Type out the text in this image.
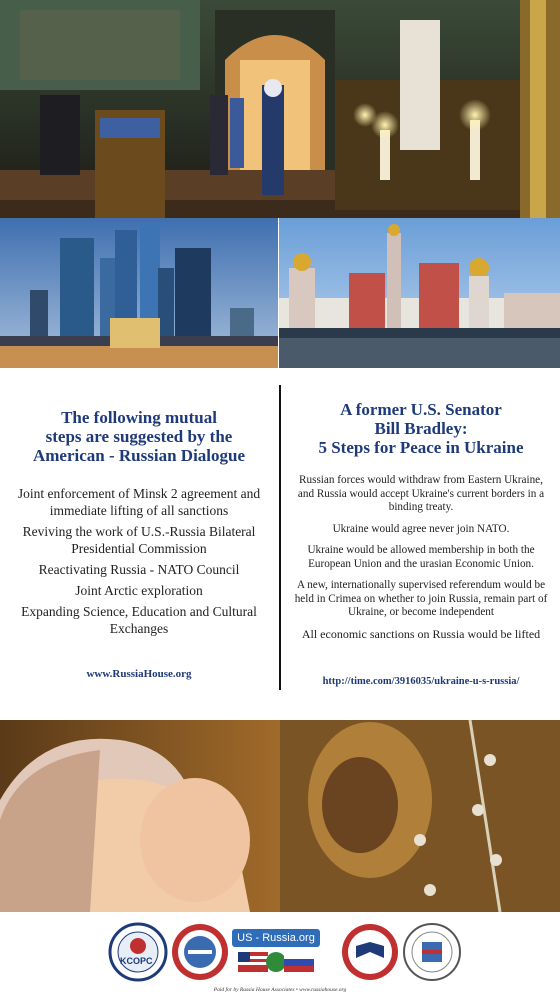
The following mutual
steps are suggested by the
American - Russian Dialogue
Joint enforcement of Minsk 2 agreement and immediate lifting of all sanctions
Reviving the work of U.S.-Russia Bilateral Presidential Commission
Reactivating Russia - NATO Council
Joint Arctic exploration
Expanding Science, Education and Cultural Exchanges
www.RussiaHouse.org
A former U.S. Senator
Bill Bradley:
5 Steps for Peace in Ukraine
Russian forces would withdraw from Eastern Ukraine, and Russia would accept Ukraine's current borders in a binding treaty.
Ukraine would agree never join NATO.
Ukraine would be allowed membership in both the European Union and the urasian Economic Union.
A new, internationally supervised referendum would be held in Crimea on whether to join Russia, remain part of Ukraine, or become independent
All economic sanctions on Russia would be lifted
http://time.com/3916035/ukraine-u-s-russia/
KCOPC
US - Russia.org
Paid for by Russia House Associates • www.russiahouse.org
